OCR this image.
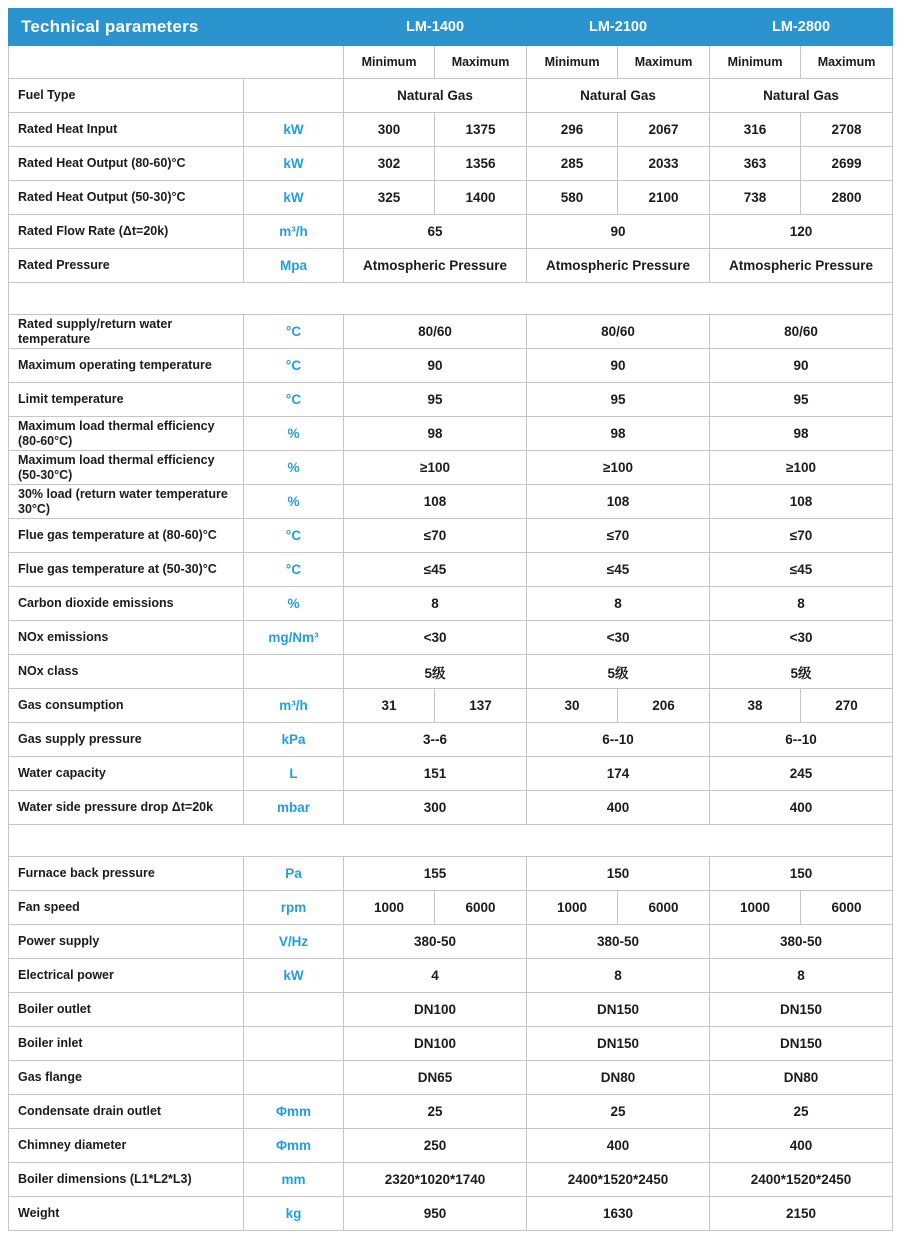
Technical parameters		LM-1400		LM-2100		LM-2800	
		Minimum	Maximum	Minimum	Maximum	Minimum	Maximum
Fuel Type		Natural Gas		Natural Gas		Natural Gas	
Rated Heat Input	kW	300	1375	296	2067	316	2708
Rated Heat Output (80-60)°C	kW	302	1356	285	2033	363	2699
Rated Heat Output (50-30)°C	kW	325	1400	580	2100	738	2800
Rated Flow Rate (Δt=20k)	m³/h	65		90		120	
Rated Pressure	Mpa	Atmospheric Pressure		Atmospheric Pressure		Atmospheric Pressure	

Rated supply/return water temperature	°C	80/60		80/60		80/60	
Maximum operating temperature	°C	90		90		90	
Limit temperature	°C	95		95		95	
Maximum load thermal efficiency (80-60°C)	%	98		98		98	
Maximum load thermal efficiency (50-30°C)	%	≥100		≥100		≥100	
30% load (return water temperature 30°C)	%	108		108		108	
Flue gas temperature at (80-60)°C	°C	≤70		≤70		≤70	
Flue gas temperature at (50-30)°C	°C	≤45		≤45		≤45	
Carbon dioxide emissions	%	8		8		8	
NOx emissions	mg/Nm³	<30		<30		<30	
NOx class		5级		5级		5级	
Gas consumption	m³/h	31	137	30	206	38	270
Gas supply pressure	kPa	3--6		6--10		6--10	
Water capacity	L	151		174		245	
Water side pressure drop Δt=20k	mbar	300		400		400	

Furnace back pressure	Pa	155		150		150	
Fan speed	rpm	1000	6000	1000	6000	1000	6000
Power supply	V/Hz	380-50		380-50		380-50	
Electrical power	kW	4		8		8	
Boiler outlet		DN100		DN150		DN150	
Boiler inlet		DN100		DN150		DN150	
Gas flange		DN65		DN80		DN80	
Condensate drain outlet	Φmm	25		25		25	
Chimney diameter	Φmm	250		400		400	
Boiler dimensions (L1*L2*L3)	mm	2320*1020*1740		2400*1520*2450		2400*1520*2450	
Weight	kg	950		1630		2150	
